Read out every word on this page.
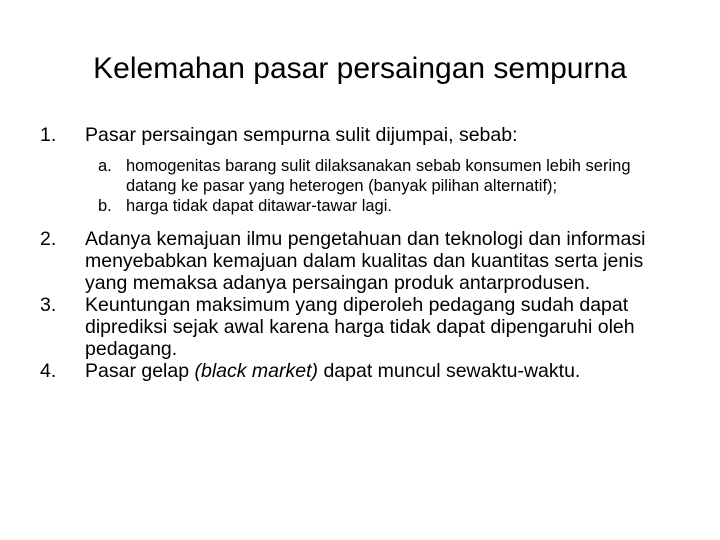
Kelemahan pasar persaingan sempurna
1. Pasar persaingan sempurna sulit dijumpai, sebab:
a. homogenitas barang sulit dilaksanakan sebab konsumen lebih sering datang ke pasar yang heterogen (banyak pilihan alternatif);
b. harga tidak dapat ditawar-tawar lagi.
2. Adanya kemajuan ilmu pengetahuan dan teknologi dan informasi menyebabkan kemajuan dalam kualitas dan kuantitas serta jenis yang memaksa adanya persaingan produk antarprodusen.
3. Keuntungan maksimum yang diperoleh pedagang sudah dapat diprediksi sejak awal karena harga tidak dapat dipengaruhi oleh pedagang.
4. Pasar gelap (black market) dapat muncul sewaktu-waktu.
